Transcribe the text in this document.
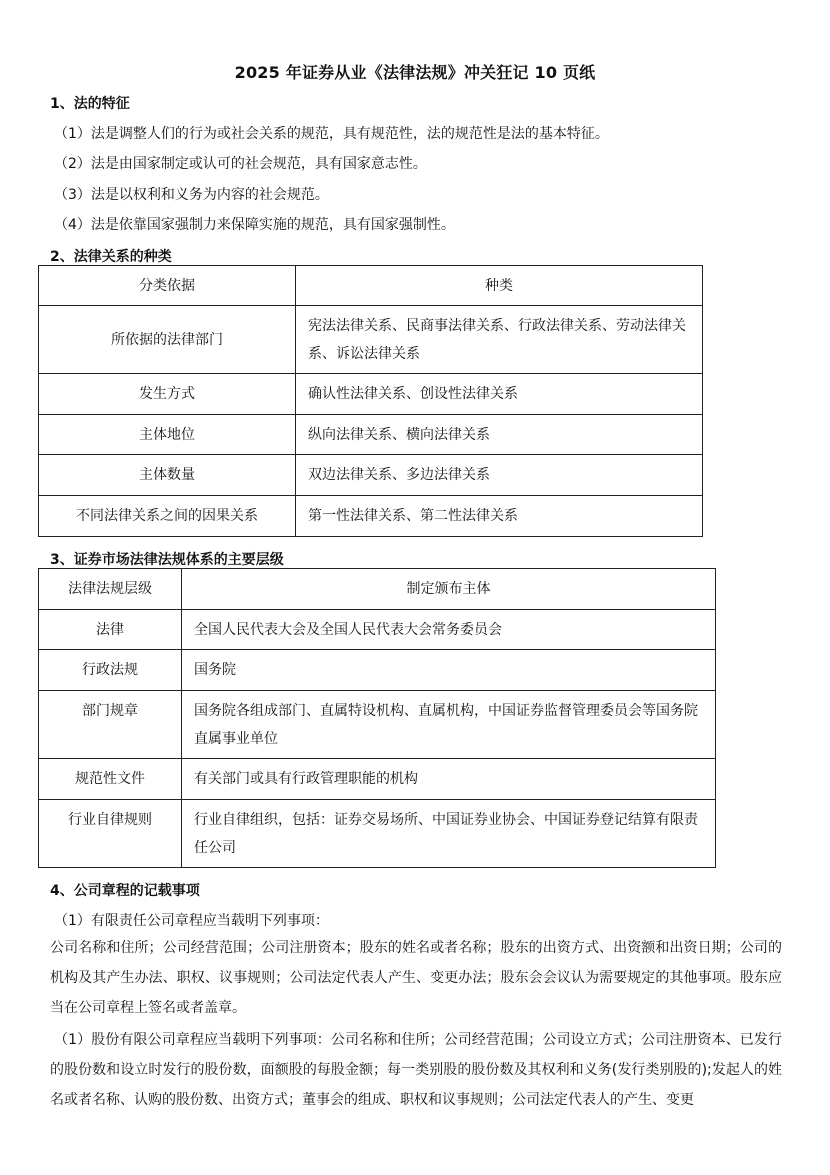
2025 年证券从业《法律法规》冲关狂记 10 页纸
1、法的特征
（1）法是调整人们的行为或社会关系的规范，具有规范性，法的规范性是法的基本特征。
（2）法是由国家制定或认可的社会规范，具有国家意志性。
（3）法是以权利和义务为内容的社会规范。
（4）法是依靠国家强制力来保障实施的规范，具有国家强制性。
2、法律关系的种类
分类依据	种类
所依据的法律部门	宪法法律关系、民商事法律关系、行政法律关系、劳动法律关系、诉讼法律关系
发生方式	确认性法律关系、创设性法律关系
主体地位	纵向法律关系、横向法律关系
主体数量	双边法律关系、多边法律关系
不同法律关系之间的因果关系	第一性法律关系、第二性法律关系
3、证券市场法律法规体系的主要层级
法律法规层级	制定颁布主体
法律	全国人民代表大会及全国人民代表大会常务委员会
行政法规	国务院
部门规章	国务院各组成部门、直属特设机构、直属机构，中国证券监督管理委员会等国务院直属事业单位
规范性文件	有关部门或具有行政管理职能的机构
行业自律规则	行业自律组织，包括：证券交易场所、中国证券业协会、中国证券登记结算有限责任公司
4、公司章程的记载事项
（1）有限责任公司章程应当载明下列事项：
公司名称和住所；公司经营范围；公司注册资本；股东的姓名或者名称；股东的出资方式、出资额和出资日期；公司的机构及其产生办法、职权、议事规则；公司法定代表人产生、变更办法；股东会会议认为需要规定的其他事项。股东应当在公司章程上签名或者盖章。
（1）股份有限公司章程应当载明下列事项：公司名称和住所；公司经营范围；公司设立方式；公司注册资本、已发行的股份数和设立时发行的股份数，面额股的每股金额；每一类别股的股份数及其权利和义务(发行类别股的);发起人的姓名或者名称、认购的股份数、出资方式；董事会的组成、职权和议事规则；公司法定代表人的产生、变更
